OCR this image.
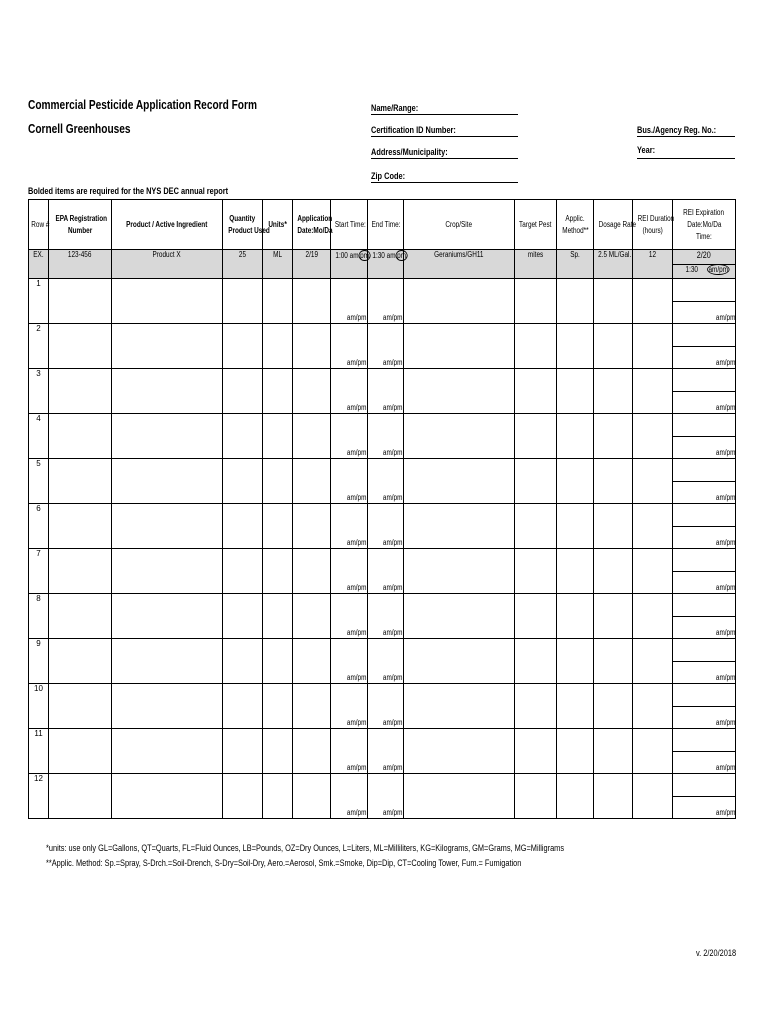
Commercial Pesticide Application Record Form
Cornell Greenhouses
Name/Range:
Certification ID Number:	Bus./Agency Reg. No.:
Address/Municipality:	Year:
Zip Code:
Bolded items are required for the NYS DEC annual report
Row #	EPA Registration
Number	Product / Active Ingredient	Quantity
Product Used	Units*	Application
Date:Mo/Da	Start Time:	End Time:	Crop/Site	Target Pest	Applic.
Method**	Dosage Rate	REI Duration
(hours)	REI Expiration
Date:Mo/Da
Time:
EX.	123-456	Product X	25	ML	2/19	1:00 am pm	1:30 am pm	Geraniums/GH11	mites	Sp.	2.5 ML/Gal.	12	2/20
1:30 am/pm

1						am/pm	am/pm						am/pm

2						am/pm	am/pm						am/pm

3						am/pm	am/pm						am/pm

4						am/pm	am/pm						am/pm

5						am/pm	am/pm						am/pm

6						am/pm	am/pm						am/pm

7						am/pm	am/pm						am/pm

8						am/pm	am/pm						am/pm

9						am/pm	am/pm						am/pm

10						am/pm	am/pm						am/pm

11						am/pm	am/pm						am/pm

12						am/pm	am/pm						am/pm
*units: use only GL=Gallons, QT=Quarts, FL=Fluid Ounces, LB=Pounds, OZ=Dry Ounces, L=Liters, ML=Milliliters, KG=Kilograms, GM=Grams, MG=Milligrams
**Applic. Method: Sp.=Spray, S-Drch.=Soil-Drench, S-Dry=Soil-Dry, Aero.=Aerosol, Smk.=Smoke, Dip=Dip, CT=Cooling Tower, Fum.= Fumigation
v. 2/20/2018
